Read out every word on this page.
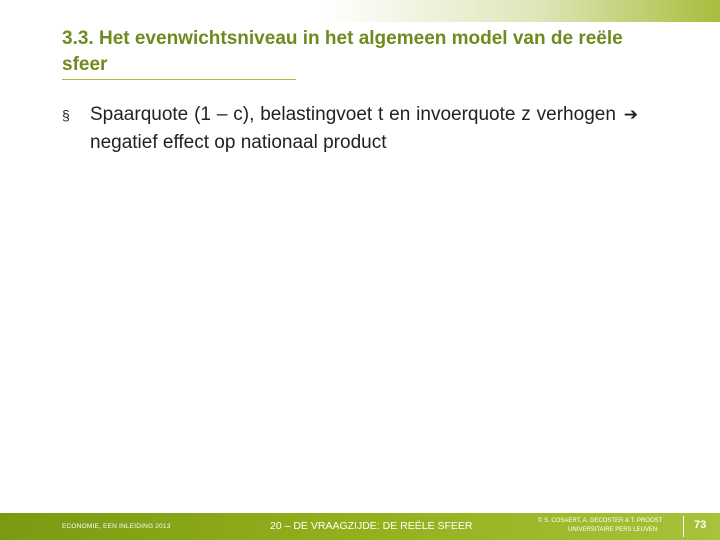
3.3. Het evenwichtsniveau in het algemeen model van de reële sfeer
§	Spaarquote (1 – c), belastingvoet t en invoerquote z verhogen ➔ negatief effect op nationaal product
ECONOMIE, EEN INLEIDING 2013	20 – DE VRAAGZIJDE: DE REËLE SFEER	© S. COSAERT, A. DECOSTER & T. PROOST
UNIVERSITAIRE PERS LEUVEN	73
